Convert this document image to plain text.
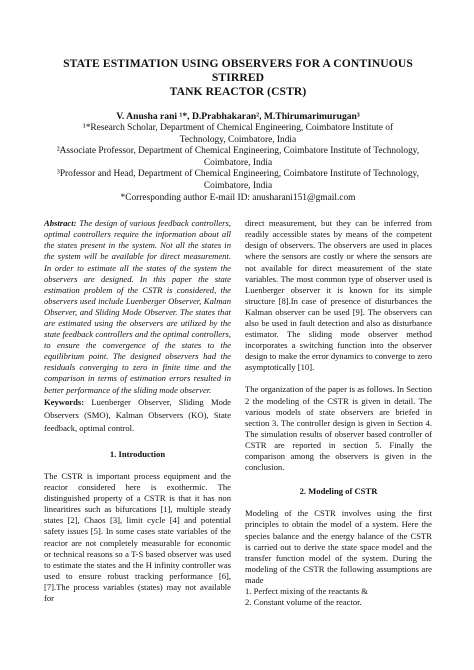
STATE ESTIMATION USING OBSERVERS FOR A CONTINUOUS STIRRED

TANK REACTOR (CSTR)

V. Anusha rani ¹*, D.Prabhakaran², M.Thirumarimurugan³
¹*Research Scholar, Department of Chemical Engineering, Coimbatore Institute of
Technology, Coimbatore, India
²Associate Professor, Department of Chemical Engineering, Coimbatore Institute of Technology,
Coimbatore, India
³Professor and Head, Department of Chemical Engineering, Coimbatore Institute of Technology,
Coimbatore, India
*Corresponding author E-mail ID: anusharani151@gmail.com

Abstract: The design of various feedback controllers, optimal controllers require the information about all the states present in the system. Not all the states in the system will be available for direct measurement. In order to estimate all the states of the system the observers are designed. In this paper the state estimation problem of the CSTR is considered, the observers used include Luenberger Observer, Kalman Observer, and Sliding Mode Observer. The states that are estimated using the observers are utilized by the state feedback controllers and the optimal controllers, to ensure the convergence of the states to the equilibrium point. The designed observers had the residuals converging to zero in finite time and the comparison in terms of estimation errors resulted in better performance of the sliding mode observer.

Keywords: Luenberger Observer, Sliding Mode Observers (SMO), Kalman Observers (KO), State feedback, optimal control.

1. Introduction

The CSTR is important process equipment and the reactor considered here is exothermic. The distinguished property of a CSTR is that it has non linearitires such as bifurcations [1], multiple steady states [2], Chaos [3], limit cycle [4] and potential safety issues [5]. In some cases state variables of the reactor are not completely measurable for economic or technical reasons so a T-S based observer was used to estimate the states and the H infinity controller was used to ensure robust tracking performance [6], [7].The process variables (states) may not available for

direct measurement, but they can be inferred from readily accessible states by means of the competent design of observers. The observers are used in places where the sensors are costly or where the sensors are not available for direct measurement of the state variables. The most common type of observer used is Luenberger observer it is known for its simple structure [8].In case of presence of disturbances the Kalman observer can be used [9]. The observers can also be used in fault detection and also as disturbance estimator. The sliding mode observer method incorporates a switching function into the observer design to make the error dynamics to converge to zero asymptotically [10].

The organization of the paper is as follows. In Section 2 the modeling of the CSTR is given in detail. The various models of state observers are briefed in section 3. The controller design is given in Section 4. The simulation results of observer based controller of CSTR are reported in section 5. Finally the comparison among the observers is given in the conclusion.

2. Modeling of CSTR

Modeling of the CSTR involves using the first principles to obtain the model of a system. Here the species balance and the energy balance of the CSTR is carried out to derive the state space model and the transfer function model of the system. During the modeling of the CSTR the following assumptions are made

1. Perfect mixing of the reactants &

2. Constant volume of the reactor.
